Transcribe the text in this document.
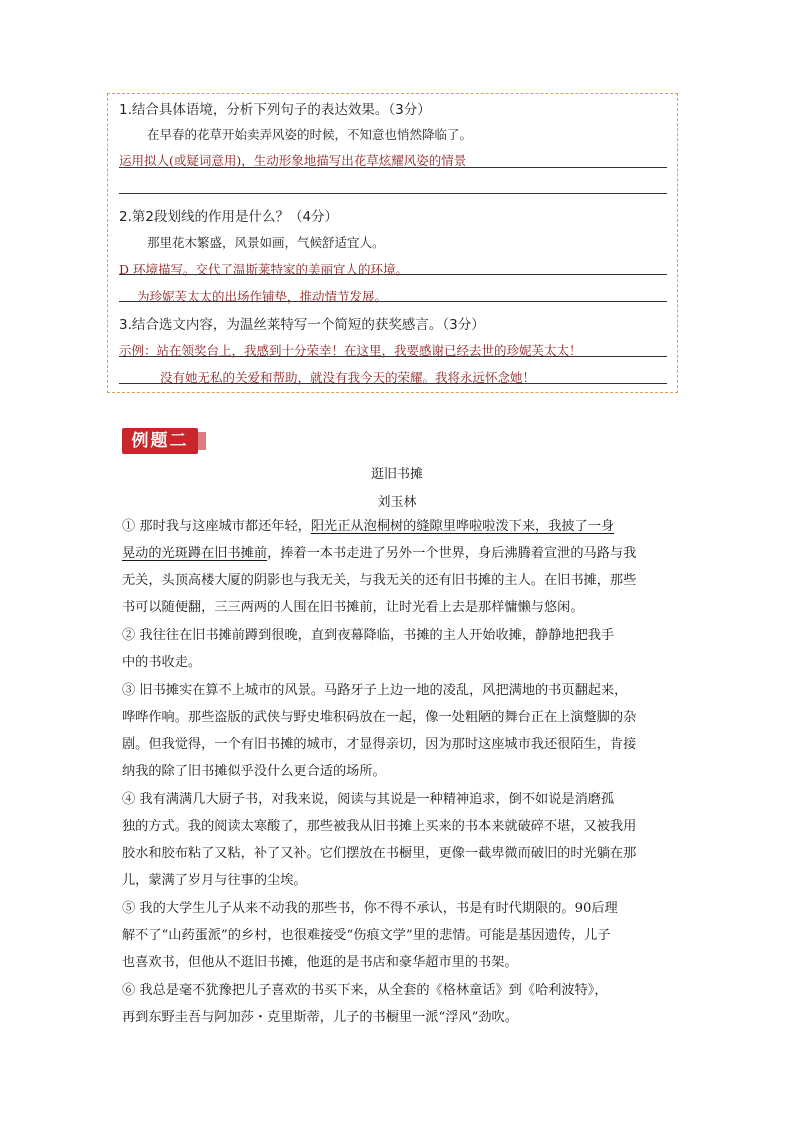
1.结合具体语境，分析下列句子的表达效果。（3分）
在早春的花草开始卖弄风姿的时候，不知意也悄然降临了。
运用拟人(或疑词意用)，生动形象地描写出花草炫耀风姿的情景
2.第2段划线的作用是什么？（4分）
那里花木繁盛，风景如画，气候舒适宜人。
D 环境描写。交代了温斯莱特家的美丽宜人的环境。
为珍妮芙太太的出场作铺垫，推动情节发展。
3.结合选文内容，为温丝莱特写一个简短的获奖感言。（3分）
示例：站在领奖台上，我感到十分荣幸！在这里，我要感谢已经去世的珍妮芙太太！
没有她无私的关爱和帮助，就没有我今天的荣耀。我将永远怀念她！
例题二
逛旧书摊
刘玉林
① 那时我与这座城市都还年轻，阳光正从泡桐树的缝隙里哗啦啦泼下来，我披了一身
晃动的光斑蹲在旧书摊前，捧着一本书走进了另外一个世界，身后沸腾着宣泄的马路与我
无关，头顶高楼大厦的阴影也与我无关，与我无关的还有旧书摊的主人。在旧书摊，那些
书可以随便翻，三三两两的人围在旧书摊前，让时光看上去是那样慵懒与悠闲。
② 我往往在旧书摊前蹲到很晚，直到夜幕降临，书摊的主人开始收摊，静静地把我手
中的书收走。
③ 旧书摊实在算不上城市的风景。马路牙子上边一地的凌乱，风把满地的书页翻起来，
哗哗作响。那些盗版的武侠与野史堆积码放在一起，像一处粗陋的舞台正在上演蹩脚的杂
剧。但我觉得，一个有旧书摊的城市，才显得亲切，因为那时这座城市我还很陌生，肯接
纳我的除了旧书摊似乎没什么更合适的场所。
④ 我有满满几大厨子书，对我来说，阅读与其说是一种精神追求，倒不如说是消磨孤
独的方式。我的阅读太寒酸了，那些被我从旧书摊上买来的书本来就破碎不堪，又被我用
胶水和胶布粘了又粘，补了又补。它们摆放在书橱里，更像一截卑微而破旧的时光躺在那
儿，蒙满了岁月与往事的尘埃。
⑤ 我的大学生儿子从来不动我的那些书，你不得不承认，书是有时代期限的。90后理
解不了“山药蛋派”的乡村，也很难接受“伤痕文学”里的悲情。可能是基因遗传，儿子
也喜欢书，但他从不逛旧书摊，他逛的是书店和豪华超市里的书架。
⑥ 我总是毫不犹豫把儿子喜欢的书买下来，从全套的《格林童话》到《哈利波特》，
再到东野圭吾与阿加莎・克里斯蒂，儿子的书橱里一派“浮风”劲吹。
